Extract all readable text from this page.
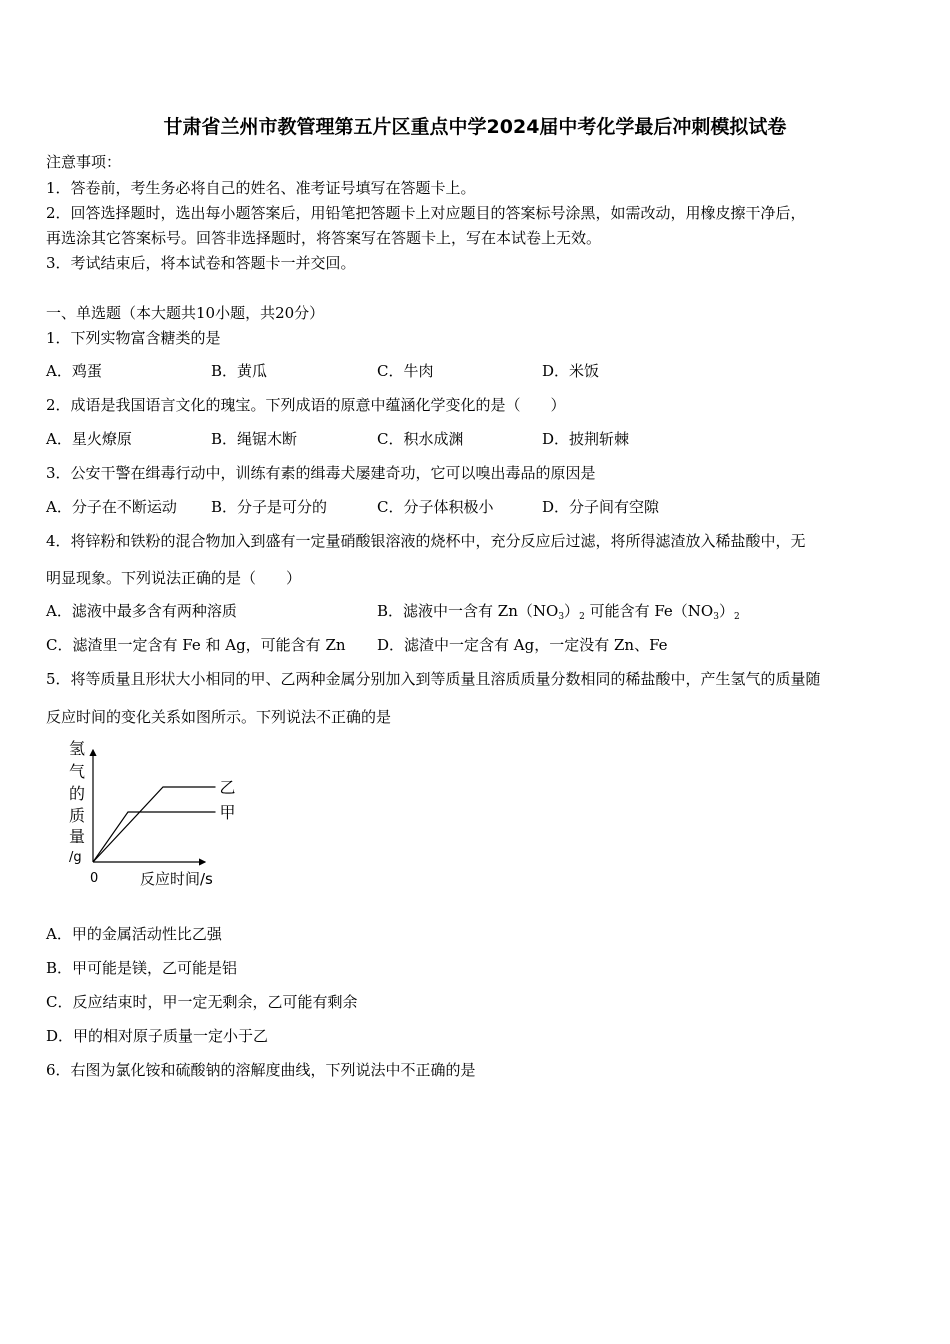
甘肃省兰州市教管理第五片区重点中学2024届中考化学最后冲刺模拟试卷
注意事项：
1．答卷前，考生务必将自己的姓名、准考证号填写在答题卡上。
2．回答选择题时，选出每小题答案后，用铅笔把答题卡上对应题目的答案标号涂黑，如需改动，用橡皮擦干净后，
再选涂其它答案标号。回答非选择题时，将答案写在答题卡上，写在本试卷上无效。
3．考试结束后，将本试卷和答题卡一并交回。
一、单选题（本大题共10小题，共20分）
1．下列实物富含糖类的是
A．鸡蛋	B．黄瓜	C．牛肉	D．米饭
2．成语是我国语言文化的瑰宝。下列成语的原意中蕴涵化学变化的是（　　）
A．星火燎原	B．绳锯木断	C．积水成渊	D．披荆斩棘
3．公安干警在缉毒行动中，训练有素的缉毒犬屡建奇功，它可以嗅出毒品的原因是
A．分子在不断运动 B．分子是可分的	C．分子体积极小	D．分子间有空隙
4．将锌粉和铁粉的混合物加入到盛有一定量硝酸银溶液的烧杯中，充分反应后过滤，将所得滤渣放入稀盐酸中，无
明显现象。下列说法正确的是（　　）
A．滤液中最多含有两种溶质	B．滤液中一含有 $Zn(NO_3)_2$ 可能含有 $Fe(NO_3)_2$
C．滤渣里一定含有 Fe 和 Ag，可能含有 Zn D．滤渣中一定含有 Ag，一定没有 Zn、Fe
5．将等质量且形状大小相同的甲、乙两种金属分别加入到等质量且溶质质量分数相同的稀盐酸中，产生氢气的质量随
反应时间的变化关系如图所示。下列说法不正确的是
氢
气
的
质
量
/g
0	反应时间/s
乙
甲
A．甲的金属活动性比乙强
B．甲可能是镁，乙可能是铝
C．反应结束时，甲一定无剩余，乙可能有剩余
D．甲的相对原子质量一定小于乙
6．右图为氯化铵和硫酸钠的溶解度曲线，下列说法中不正确的是
